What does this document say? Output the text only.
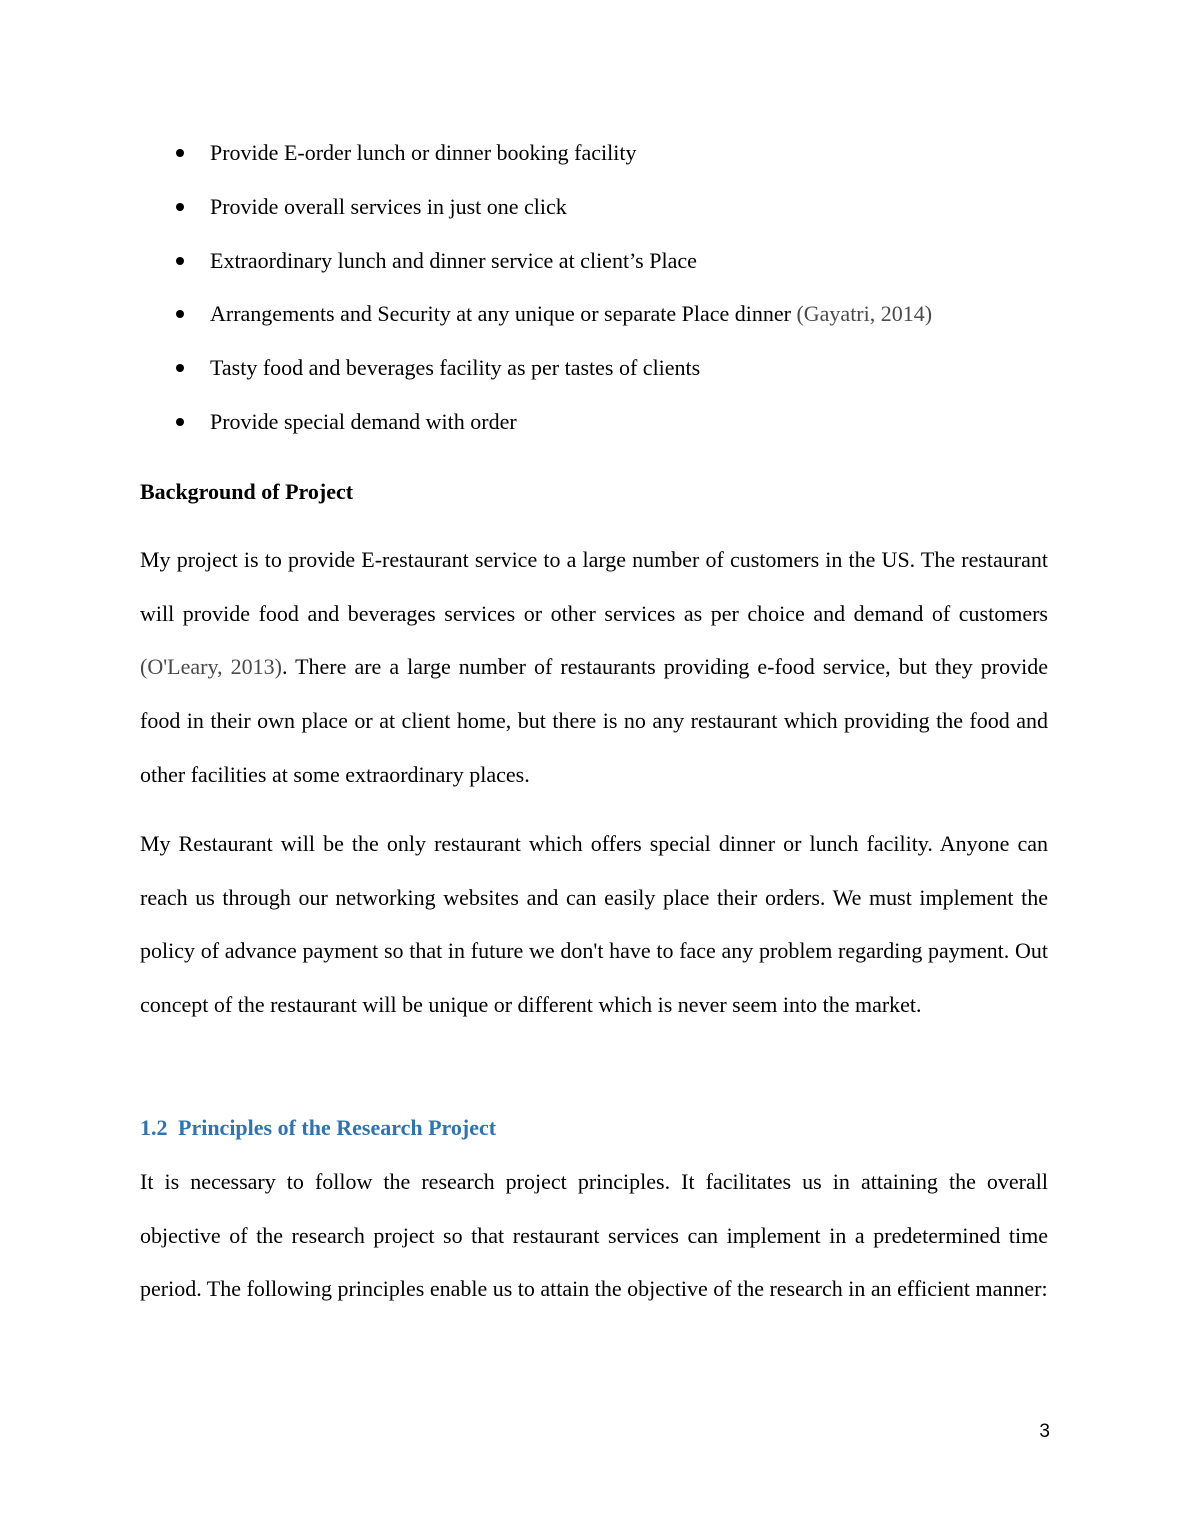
Provide E-order lunch or dinner booking facility
Provide overall services in just one click
Extraordinary lunch and dinner service at client’s Place
Arrangements and Security at any unique or separate Place dinner (Gayatri, 2014)
Tasty food and beverages facility as per tastes of clients
Provide special demand with order
Background of Project

My project is to provide E-restaurant service to a large number of customers in the US. The restaurant will provide food and beverages services or other services as per choice and demand of customers (O'Leary, 2013). There are a large number of restaurants providing e-food service, but they provide food in their own place or at client home, but there is no any restaurant which providing the food and other facilities at some extraordinary places.

My Restaurant will be the only restaurant which offers special dinner or lunch facility. Anyone can reach us through our networking websites and can easily place their orders. We must implement the policy of advance payment so that in future we don't have to face any problem regarding payment. Out concept of the restaurant will be unique or different which is never seem into the market.

1.2 Principles of the Research Project

It is necessary to follow the research project principles. It facilitates us in attaining the overall objective of the research project so that restaurant services can implement in a predetermined time period. The following principles enable us to attain the objective of the research in an efficient manner:

3
